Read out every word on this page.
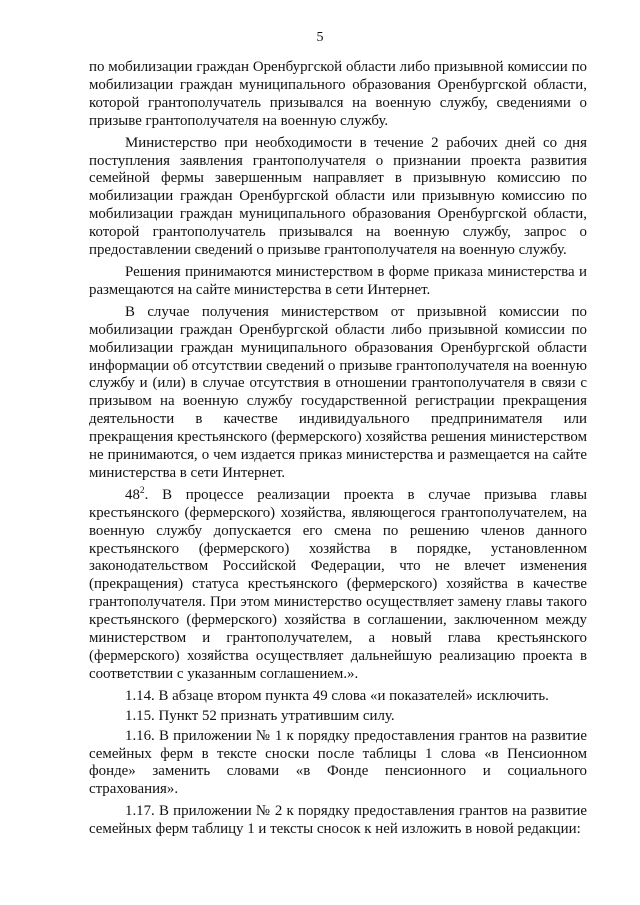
5

по мобилизации граждан Оренбургской области либо призывной комиссии по мобилизации граждан муниципального образования Оренбургской области, которой грантополучатель призывался на военную службу, сведениями о призыве грантополучателя на военную службу.

Министерство при необходимости в течение 2 рабочих дней со дня поступления заявления грантополучателя о признании проекта развития семейной фермы завершенным направляет в призывную комиссию по мобилизации граждан Оренбургской области или призывную комиссию по мобилизации граждан муниципального образования Оренбургской области, которой грантополучатель призывался на военную службу, запрос о предоставлении сведений о призыве грантополучателя на военную службу.

Решения принимаются министерством в форме приказа министерства и размещаются на сайте министерства в сети Интернет.

В случае получения министерством от призывной комиссии по мобилизации граждан Оренбургской области либо призывной комиссии по мобилизации граждан муниципального образования Оренбургской области информации об отсутствии сведений о призыве грантополучателя на военную службу и (или) в случае отсутствия в отношении грантополучателя в связи с призывом на военную службу государственной регистрации прекращения деятельности в качестве индивидуального предпринимателя или прекращения крестьянского (фермерского) хозяйства решения министерством не принимаются, о чем издается приказ министерства и размещается на сайте министерства в сети Интернет.

$48^2$. В процессе реализации проекта в случае призыва главы крестьянского (фермерского) хозяйства, являющегося грантополучателем, на военную службу допускается его смена по решению членов данного крестьянского (фермерского) хозяйства в порядке, установленном законодательством Российской Федерации, что не влечет изменения (прекращения) статуса крестьянского (фермерского) хозяйства в качестве грантополучателя. При этом министерство осуществляет замену главы такого крестьянского (фермерского) хозяйства в соглашении, заключенном между министерством и грантополучателем, а новый глава крестьянского (фермерского) хозяйства осуществляет дальнейшую реализацию проекта в соответствии с указанным соглашением.».

1.14. В абзаце втором пункта 49 слова «и показателей» исключить.

1.15. Пункт 52 признать утратившим силу.

1.16. В приложении № 1 к порядку предоставления грантов на развитие семейных ферм в тексте сноски после таблицы 1 слова «в Пенсионном фонде» заменить словами «в Фонде пенсионного и социального страхования».

1.17. В приложении № 2 к порядку предоставления грантов на развитие семейных ферм таблицу 1 и тексты сносок к ней изложить в новой редакции:
